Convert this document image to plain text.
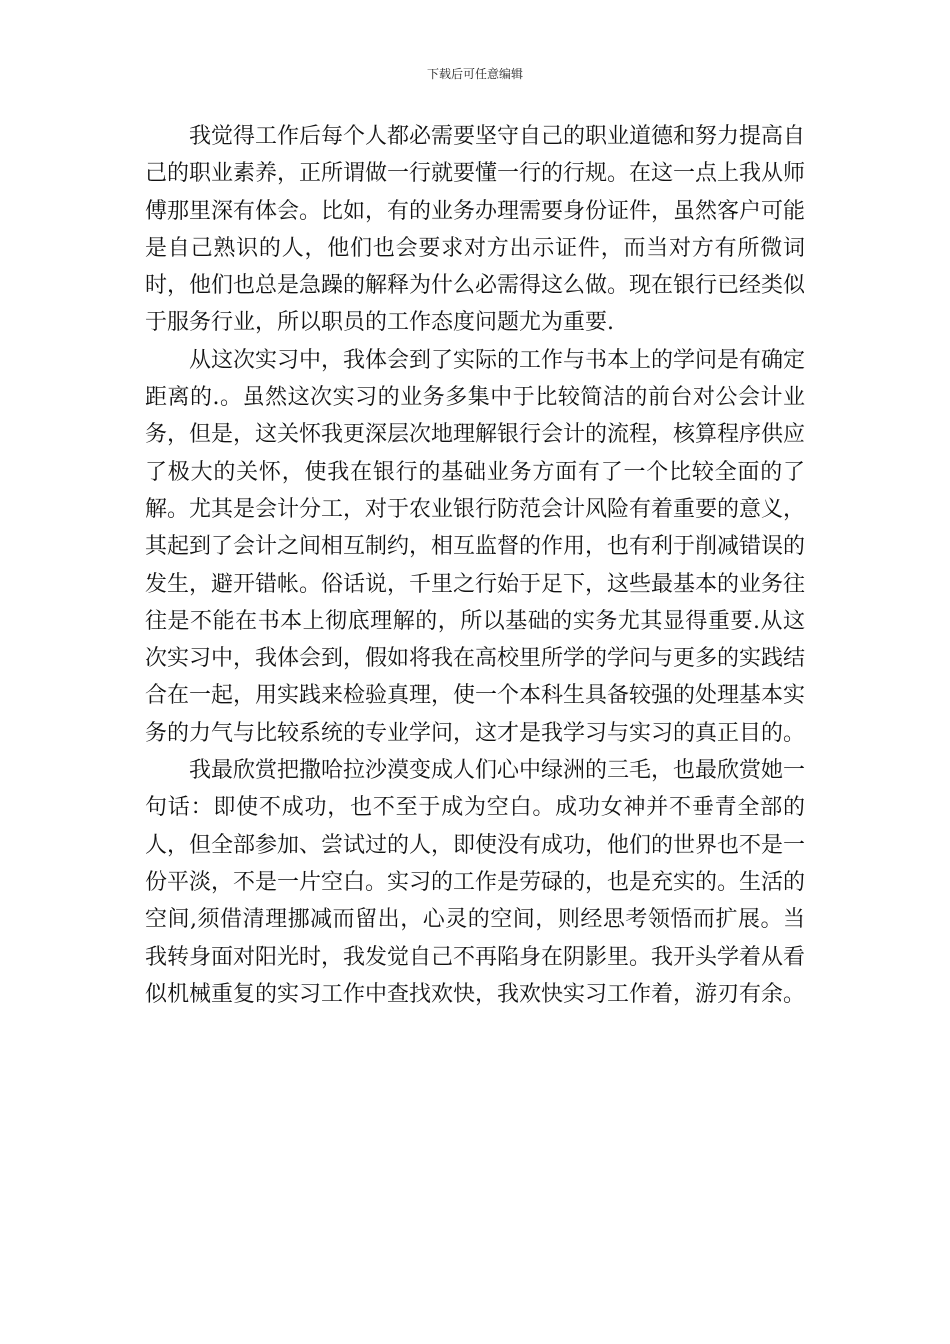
下载后可任意编辑

我觉得工作后每个人都必需要坚守自己的职业道德和努力提高自己的职业素养，正所谓做一行就要懂一行的行规。在这一点上我从师傅那里深有体会。比如，有的业务办理需要身份证件，虽然客户可能是自己熟识的人，他们也会要求对方出示证件，而当对方有所微词时，他们也总是急躁的解释为什么必需得这么做。现在银行已经类似于服务行业，所以职员的工作态度问题尤为重要.

从这次实习中，我体会到了实际的工作与书本上的学问是有确定距离的.。虽然这次实习的业务多集中于比较简洁的前台对公会计业务，但是，这关怀我更深层次地理解银行会计的流程，核算程序供应了极大的关怀，使我在银行的基础业务方面有了一个比较全面的了解。尤其是会计分工，对于农业银行防范会计风险有着重要的意义，其起到了会计之间相互制约，相互监督的作用，也有利于削减错误的发生，避开错帐。俗话说，千里之行始于足下，这些最基本的业务往往是不能在书本上彻底理解的，所以基础的实务尤其显得重要.从这次实习中，我体会到，假如将我在高校里所学的学问与更多的实践结合在一起，用实践来检验真理，使一个本科生具备较强的处理基本实务的力气与比较系统的专业学问，这才是我学习与实习的真正目的。

我最欣赏把撒哈拉沙漠变成人们心中绿洲的三毛，也最欣赏她一句话：即使不成功，也不至于成为空白。成功女神并不垂青全部的人，但全部参加、尝试过的人，即使没有成功，他们的世界也不是一份平淡，不是一片空白。实习的工作是劳碌的，也是充实的。生活的空间,须借清理挪减而留出，心灵的空间，则经思考领悟而扩展。当我转身面对阳光时，我发觉自己不再陷身在阴影里。我开头学着从看似机械重复的实习工作中查找欢快，我欢快实习工作着，游刃有余。
